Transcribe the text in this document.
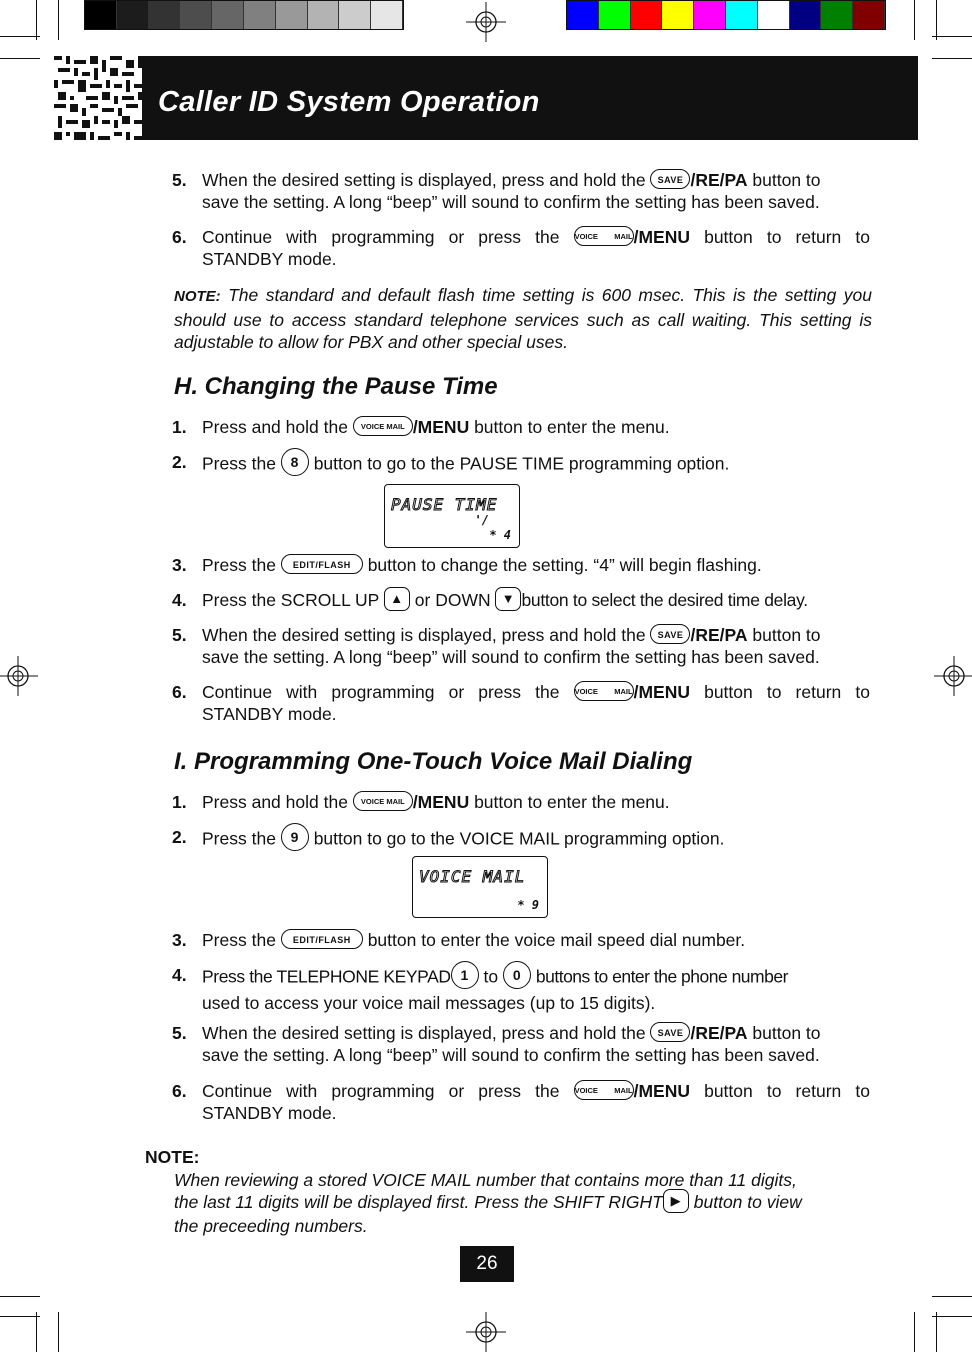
Caller ID System Operation
5. When the desired setting is displayed, press and hold the SAVE /RE/PA button to
save the setting. A long “beep” will sound to confirm the setting has been saved.
6. Continue with programming or press the VOICE MAIL/MENU button to return to
STANDBY mode.
NOTE: The standard and default flash time setting is 600 msec. This is the setting you should use to access standard telephone services such as call waiting. This setting is adjustable to allow for PBX and other special uses.
H. Changing the Pause Time
1. Press and hold the VOICE MAIL /MENU button to enter the menu.
2. Press the 8 button to go to the PAUSE TIME programming option.
PAUSE TIME
'/
* 4
3. Press the EDIT/FLASH button to change the setting. “4” will begin flashing.
4. Press the SCROLL UP ▲ or DOWN ▼ button to select the desired time delay.
5. When the desired setting is displayed, press and hold the SAVE /RE/PA button to
save the setting. A long “beep” will sound to confirm the setting has been saved.
6. Continue with programming or press the VOICE MAIL/MENU button to return to
STANDBY mode.
I. Programming One-Touch Voice Mail Dialing
1. Press and hold the VOICE MAIL /MENU button to enter the menu.
2. Press the 9 button to go to the VOICE MAIL programming option.
VOICE MAIL
* 9
3. Press the EDIT/FLASH button to enter the voice mail speed dial number.
4. Press the TELEPHONE KEYPAD 1 to 0 buttons to enter the phone number
used to access your voice mail messages (up to 15 digits).
5. When the desired setting is displayed, press and hold the SAVE /RE/PA button to
save the setting. A long “beep” will sound to confirm the setting has been saved.
6. Continue with programming or press the VOICE MAIL/MENU button to return to
STANDBY mode.
NOTE:
When reviewing a stored VOICE MAIL number that contains more than 11 digits,
the last 11 digits will be displayed first. Press the SHIFT RIGHT ▶ button to view
the preceeding numbers.
26
